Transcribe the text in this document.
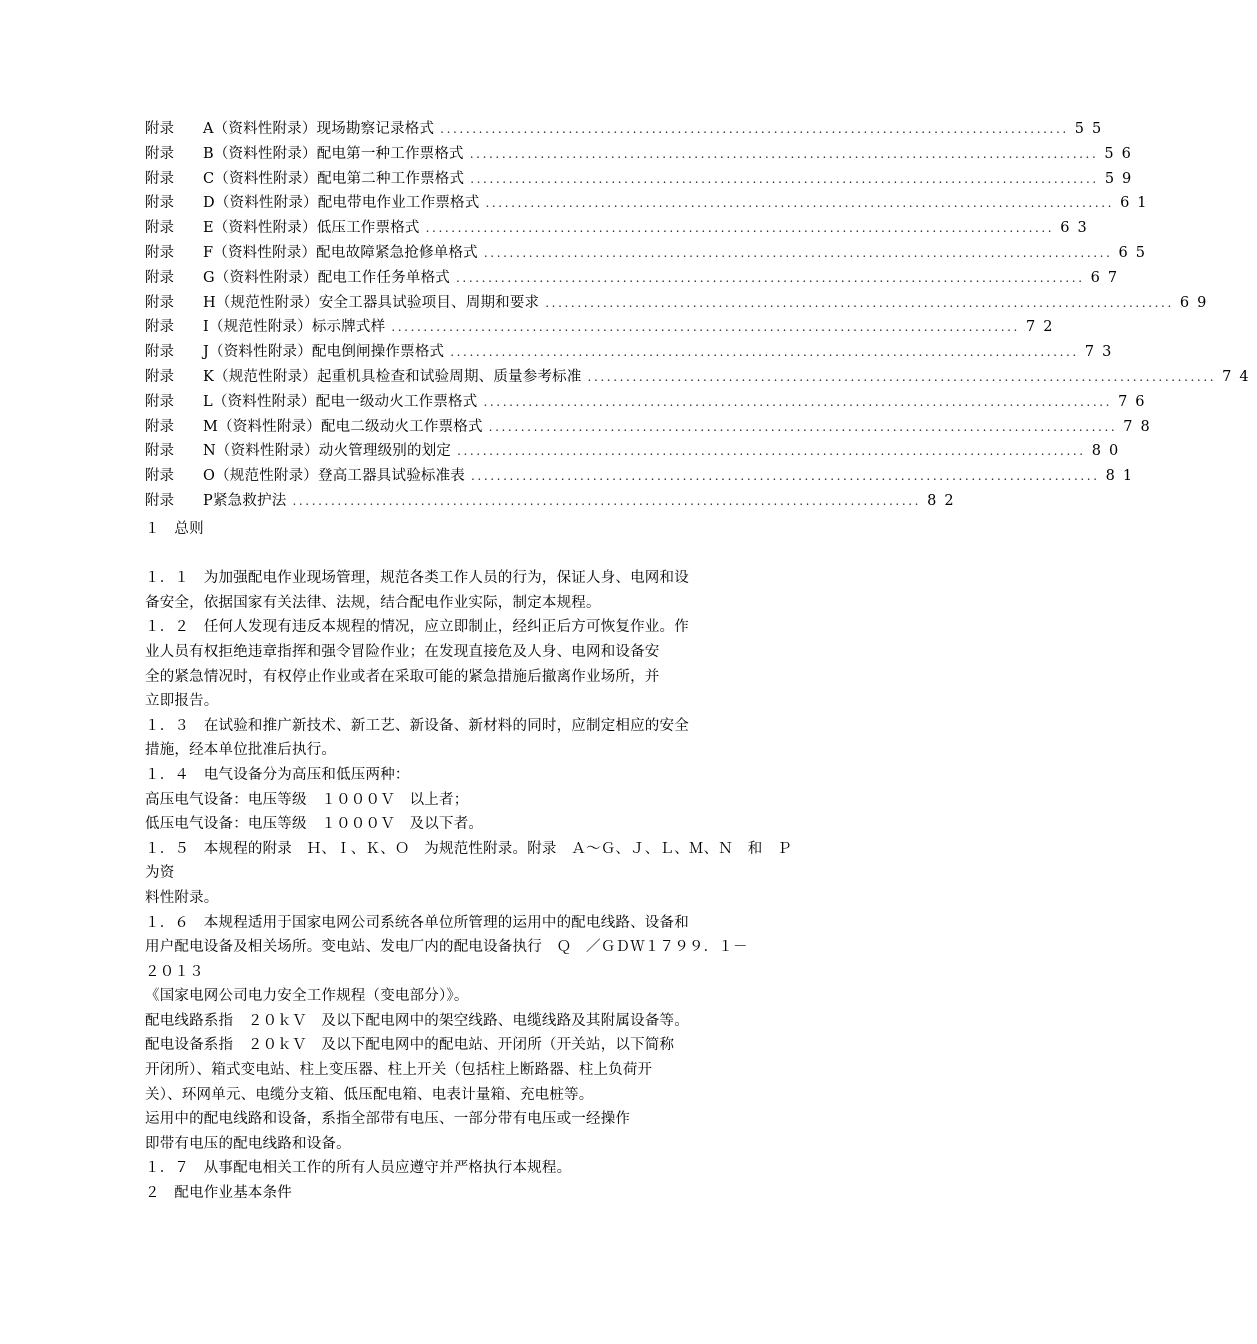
附录	A （资料性附录）现场勘察记录格式 .................................................................................................. 55
附录	B （资料性附录）配电第一种工作票格式 .................................................................................................. 56
附录	C （资料性附录）配电第二种工作票格式 .................................................................................................. 59
附录	D （资料性附录）配电带电作业工作票格式 .................................................................................................. 61
附录	E （资料性附录）低压工作票格式 .................................................................................................. 63
附录	F （资料性附录）配电故障紧急抢修单格式 .................................................................................................. 65
附录	G （资料性附录）配电工作任务单格式 .................................................................................................. 67
附录	H （规范性附录）安全工器具试验项目、周期和要求 .................................................................................................. 69
附录	I （规范性附录）标示牌式样 .................................................................................................. 72
附录	J （资料性附录）配电倒闸操作票格式 .................................................................................................. 73
附录	K （规范性附录）起重机具检查和试验周期、质量参考标准 .................................................................................................. 74
附录	L （资料性附录）配电一级动火工作票格式 .................................................................................................. 76
附录	M （资料性附录）配电二级动火工作票格式 .................................................................................................. 78
附录	N （资料性附录）动火管理级别的划定 .................................................................................................. 80
附录	O （规范性附录）登高工器具试验标准表 .................................................................................................. 81
附录	P 紧急救护法 .................................................................................................. 82
１　总则
１．１　为加强配电作业现场管理，规范各类工作人员的行为，保证人身、电网和设
备安全，依据国家有关法律、法规，结合配电作业实际，制定本规程。
１．２　任何人发现有违反本规程的情况，应立即制止，经纠正后方可恢复作业。作
业人员有权拒绝违章指挥和强令冒险作业；在发现直接危及人身、电网和设备安
全的紧急情况时，有权停止作业或者在采取可能的紧急措施后撤离作业场所，并
立即报告。
１．３　在试验和推广新技术、新工艺、新设备、新材料的同时，应制定相应的安全
措施，经本单位批准后执行。
１．４　电气设备分为高压和低压两种：
高压电气设备：电压等级　１０００Ｖ　以上者；
低压电气设备：电压等级　１０００Ｖ　及以下者。
１．５　本规程的附录　Ｈ、Ｉ、Ｋ、Ｏ　为规范性附录。附录　Ａ～Ｇ、Ｊ、Ｌ、Ｍ、Ｎ　和　Ｐ
为资
料性附录。
１．６　本规程适用于国家电网公司系统各单位所管理的运用中的配电线路、设备和
用户配电设备及相关场所。变电站、发电厂内的配电设备执行　Ｑ　／ＧＤＷ１７９９．１－
２０１３
《国家电网公司电力安全工作规程（变电部分）》。
配电线路系指　２０ｋＶ　及以下配电网中的架空线路、电缆线路及其附属设备等。
配电设备系指　２０ｋＶ　及以下配电网中的配电站、开闭所（开关站，以下简称
开闭所）、箱式变电站、柱上变压器、柱上开关（包括柱上断路器、柱上负荷开
关）、环网单元、电缆分支箱、低压配电箱、电表计量箱、充电桩等。
运用中的配电线路和设备，系指全部带有电压、一部分带有电压或一经操作
即带有电压的配电线路和设备。
１．７　从事配电相关工作的所有人员应遵守并严格执行本规程。
２　配电作业基本条件
